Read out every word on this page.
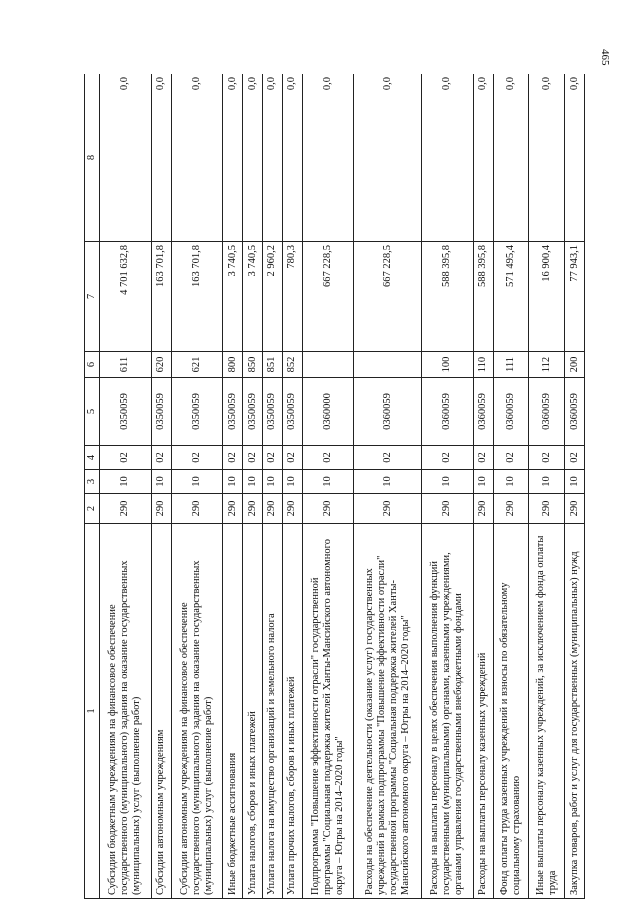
465
1	2	3	4	5	6	7	8
Субсидии бюджетным учреждениям на финансовое обеспечение государственного (муниципального) задания на оказание государственных (муниципальных) услуг (выполнение работ)	290	10	02	0350059	611	4 701 632,8	0,0
Субсидии автономным учреждениям	290	10	02	0350059	620	163 701,8	0,0
Субсидии автономным учреждениям на финансовое обеспечение государственного (муниципального) задания на оказание государственных (муниципальных) услуг (выполнение работ)	290	10	02	0350059	621	163 701,8	0,0
Иные бюджетные ассигнования	290	10	02	0350059	800	3 740,5	0,0
Уплата налогов, сборов и иных платежей	290	10	02	0350059	850	3 740,5	0,0
Уплата налога на имущество организаций и земельного налога	290	10	02	0350059	851	2 960,2	0,0
Уплата прочих налогов, сборов и иных платежей	290	10	02	0350059	852	780,3	0,0
Подпрограмма "Повышение эффективности отрасли" государственной программы "Социальная поддержка жителей Ханты-Мансийского автономного округа – Югры на 2014–2020 годы"	290	10	02	0360000		667 228,5	0,0
Расходы на обеспечение деятельности (оказание услуг) государственных учреждений в рамках подпрограммы "Повышение эффективности отрасли" государственной программы "Социальная поддержка жителей Ханты-Мансийского автономного округа – Югры на 2014–2020 годы"	290	10	02	0360059		667 228,5	0,0
Расходы на выплаты персоналу в целях обеспечения выполнения функций государственными (муниципальными) органами, казенными учреждениями, органами управления государственными внебюджетными фондами	290	10	02	0360059	100	588 395,8	0,0
Расходы на выплаты персоналу казенных учреждений	290	10	02	0360059	110	588 395,8	0,0
Фонд оплаты труда казенных учреждений и взносы по обязательному социальному страхованию	290	10	02	0360059	111	571 495,4	0,0
Иные выплаты персоналу казенных учреждений, за исключением фонда оплаты труда	290	10	02	0360059	112	16 900,4	0,0
Закупка товаров, работ и услуг для государственных (муниципальных) нужд	290	10	02	0360059	200	77 943,1	0,0
